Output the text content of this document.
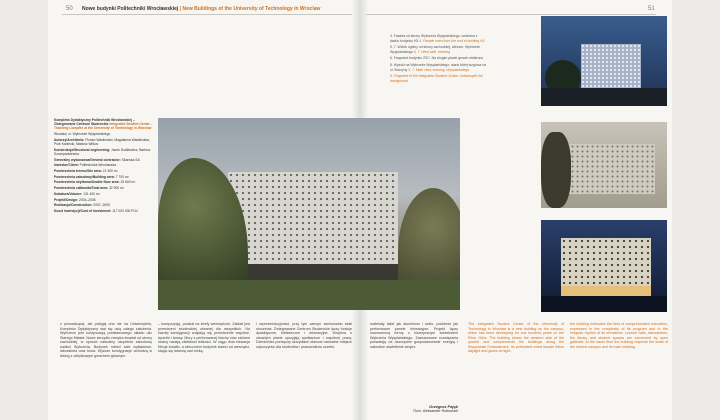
50 Nowe budynki Politechniki Wrocławskiej | New Buildings of the University of Technology in Wroclaw	51
4. Fasada od strony Wybrzeża Wyspiańskiego, widziana z dachu budynku H3 4. Facade seen from the roof of building H3
5, 7. Widok ogólny od strony zachodniej, wieczór, Wybrzeże Wyspiańskiego 5, 7. West side, evening
6. Fragment budynku ZSC. Na drugim planie gmach elektronu
8. Wysoki na Wybrzeże Wyspiańskiego, starsi bliżej wzgórza na ul. Buczyny 5, 7. Main view, evening, Wyspiańskiego
9. Fragment of the Integrated Student Centre; Uniwersytet the background
Kompleks Dydaktyczny Politechniki Wrocławskiej – Zintegrowane Centrum Studenckie Integrated Student Center – Teaching Complex at the University of Technology in Wroclaw
Wrocław, ul. Wybrzeże Wyspiańskiego
Autorzy/Architects: Florian Wasilewski, Magdalena Wasilewska, Piotr Kaniecki, Mariusz Wilkos
Konstrukcja/Structural engineering: Jacek Dudkiewicz, Bartosz Szczepankiewicz
Generalny wykonawca/General contractor: Skanska SA
Inwestor/Client: Politechnika Wrocławska
Powierzchnia terenu/Site area: 21 300 m²
Powierzchnia zabudowy/Building area: 7 700 m²
Powierzchnia użytkowa/Usable floor area: 25 600 m²
Powierzchnia całkowita/Total area: 32 900 m²
Kubatura/Volume: 131 400 m³
Projekt/Design: 2004–2006
Realizacja/Construction: 2007–2009
Koszt inwestycji/Cost of investment: 117 000 000 PLN

z prowadzącej, ale polegaj ona nie na Uniwersytetu, Kompleks Dydaktyczny stał się osią całego założenia. Wybrzeże jest kontynuacją podstawowego układu ulic Starego Miasta. Nowe skrzydło zamyka kwartał od strony zachodniej, w sposób naturalny uzupełnia zabudowę wzdłuż Wybrzeża. Budynek mieści sale wykładowe, laboratoria oraz biura. Wyższe kondygnacje wchodzą w dialog z zabytkowym gmachem głównym.

– kompozycję, podział na strefy wewnętrzne, Zakład jest przestrzeni studenckiej otwartej dla wszystkich. Na każdej kondygnacji znajdują się przestrzenie wspólne, łączniki i tarasy. Mury z perforowanej blachy oraz szklane ściany nadają obiektowi lekkości. W ciągu dnia elewacja filtruje światło, a wieczorem budynek świeci od wewnątrz, stając się latarnią nad rzeką.

i reprezentacyjności, przy tym samym zachowaniu skali otoczenia. Zintegrowane Centrum Studenckie łączy funkcje dydaktyczne, biblioteczne i rekreacyjne. Wnętrza o otwartym planie sprzyjają spotkaniom i wspólnej pracy. Dziedziniec pomiędzy skrzydłami stanowi naturalne miejsce odpoczynku dla studentów i pracowników uczelni.

materiały takie jak aluminium i szkło, podobnie jak perforowane panele elewacyjne. Projekt łączy nowoczesną formę z historycznym kontekstem Wybrzeża Wyspiańskiego. Zastosowane rozwiązania pozwalają na oszczędne gospodarowanie energią i naturalne oświetlenie wnętrz.

The Integrated Student Center of the University of Technology in Wroclaw is a new building on the campus, which has been developing for one hundred years on the River Odra. The building closes the western side of the quarter and complements the buildings along the Wyspiański Embankment. Its perforated metal facade filters daylight and glows at night.

the building embodies the idea of comprehensive education, expressed in the complexity of its program and in the irregular rhythm of its elevations. Lecture halls, laboratories, the library and student spaces are connected by open galleries. At the same time the building respects the scale of the historic campus and its main building.

Grzegorz Pająk
Tłum. Aleksander Rutkowski
